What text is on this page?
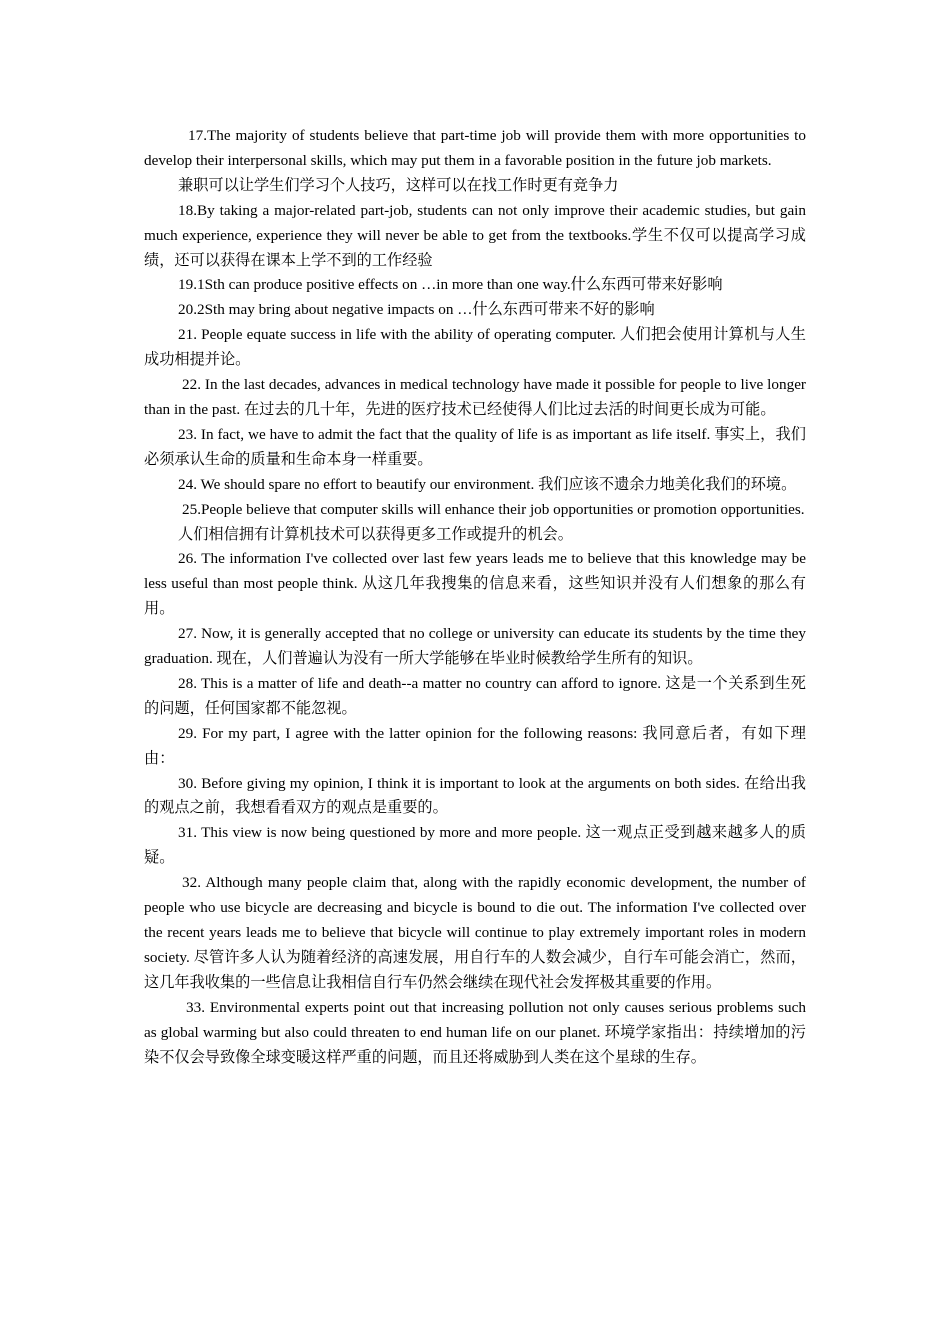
17.The majority of students believe that part-time job will provide them with more opportunities to develop their interpersonal skills, which may put them in a favorable position in the future job markets.

兼职可以让学生们学习个人技巧，这样可以在找工作时更有竞争力

18.By taking a major-related part-job, students can not only improve their academic studies, but gain much experience, experience they will never be able to get from the textbooks.学生不仅可以提高学习成绩，还可以获得在课本上学不到的工作经验

19.1Sth can produce positive effects on …in more than one way.什么东西可带来好影响

20.2Sth may bring about negative impacts on …什么东西可带来不好的影响

21. People equate success in life with the ability of operating computer. 人们把会使用计算机与人生成功相提并论。

22. In the last decades, advances in medical technology have made it possible for people to live longer than in the past. 在过去的几十年，先进的医疗技术已经使得人们比过去活的时间更长成为可能。

23. In fact, we have to admit the fact that the quality of life is as important as life itself. 事实上，我们必须承认生命的质量和生命本身一样重要。

24. We should spare no effort to beautify our environment. 我们应该不遗余力地美化我们的环境。

25.People believe that computer skills will enhance their job opportunities or promotion opportunities.

人们相信拥有计算机技术可以获得更多工作或提升的机会。

26. The information I've collected over last few years leads me to believe that this knowledge may be less useful than most people think. 从这几年我搜集的信息来看，这些知识并没有人们想象的那么有用。

27. Now, it is generally accepted that no college or university can educate its students by the time they graduation. 现在，人们普遍认为没有一所大学能够在毕业时候教给学生所有的知识。

28. This is a matter of life and death--a matter no country can afford to ignore. 这是一个关系到生死的问题，任何国家都不能忽视。

29. For my part, I agree with the latter opinion for the following reasons: 我同意后者，有如下理由：

30. Before giving my opinion, I think it is important to look at the arguments on both sides. 在给出我的观点之前，我想看看双方的观点是重要的。

31. This view is now being questioned by more and more people. 这一观点正受到越来越多人的质疑。

32. Although many people claim that, along with the rapidly economic development, the number of people who use bicycle are decreasing and bicycle is bound to die out. The information I've collected over the recent years leads me to believe that bicycle will continue to play extremely important roles in modern society. 尽管许多人认为随着经济的高速发展，用自行车的人数会减少，自行车可能会消亡，然而，这几年我收集的一些信息让我相信自行车仍然会继续在现代社会发挥极其重要的作用。

33. Environmental experts point out that increasing pollution not only causes serious problems such as global warming but also could threaten to end human life on our planet. 环境学家指出：持续增加的污染不仅会导致像全球变暖这样严重的问题，而且还将威胁到人类在这个星球的生存。
